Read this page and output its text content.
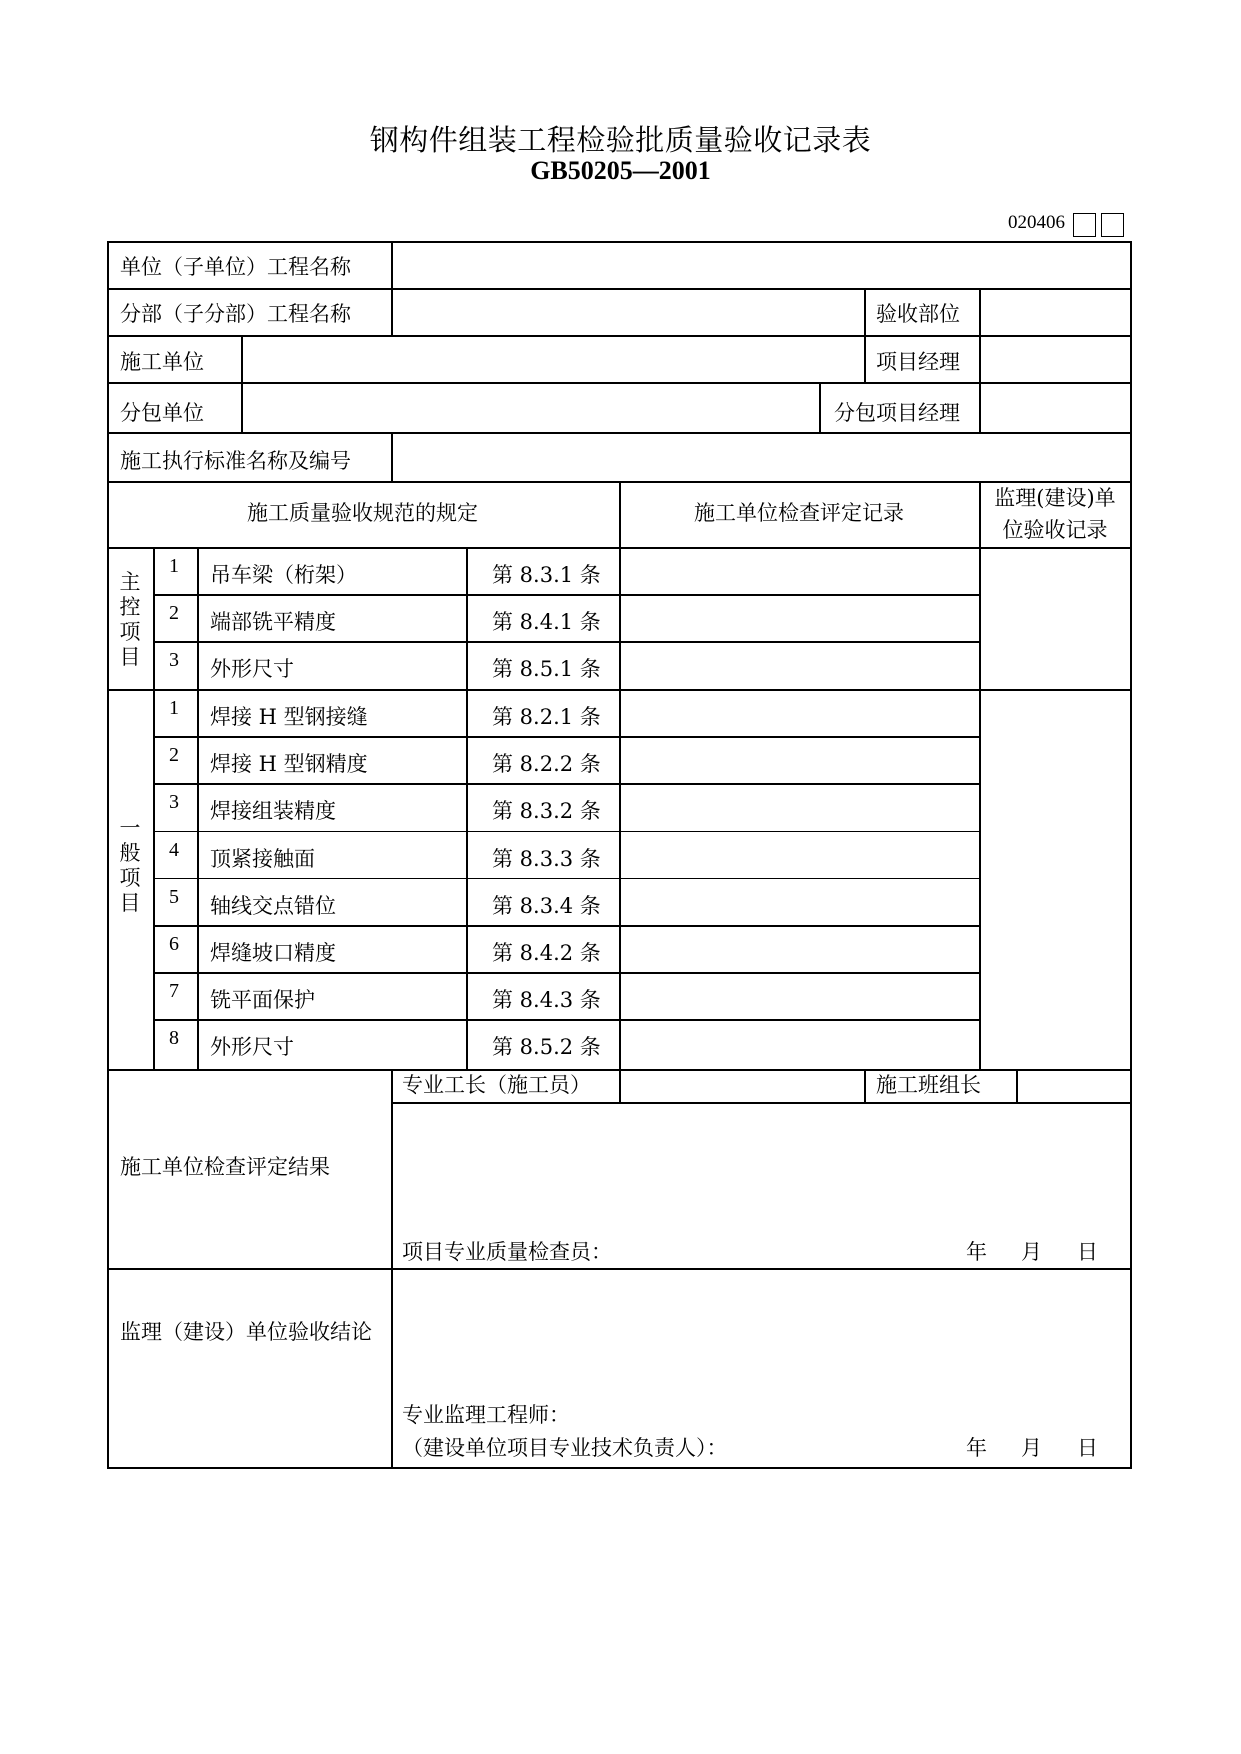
钢构件组装工程检验批质量验收记录表
GB50205—2001
020406
单位（子单位）工程名称
分部（子分部）工程名称	验收部位
施工单位	项目经理
分包单位	分包项目经理
施工执行标准名称及编号
施工质量验收规范的规定	施工单位检查评定记录
监理(建设)单
位验收记录
主控项目
一般项目
1	吊车梁（桁架）	第 8.3.1 条
2	端部铣平精度	第 8.4.1 条
3	外形尺寸	第 8.5.1 条
1	焊接 H 型钢接缝	第 8.2.1 条
2	焊接 H 型钢精度	第 8.2.2 条
3	焊接组装精度	第 8.3.2 条
4	顶紧接触面	第 8.3.3 条
5	轴线交点错位	第 8.3.4 条
6	焊缝坡口精度	第 8.4.2 条
7	铣平面保护	第 8.4.3 条
8	外形尺寸	第 8.5.2 条
专业工长（施工员）	施工班组长
施工单位检查评定结果
项目专业质量检查员：	年 月 日
监理（建设）单位验收结论
专业监理工程师：
（建设单位项目专业技术负责人）：	年 月 日
